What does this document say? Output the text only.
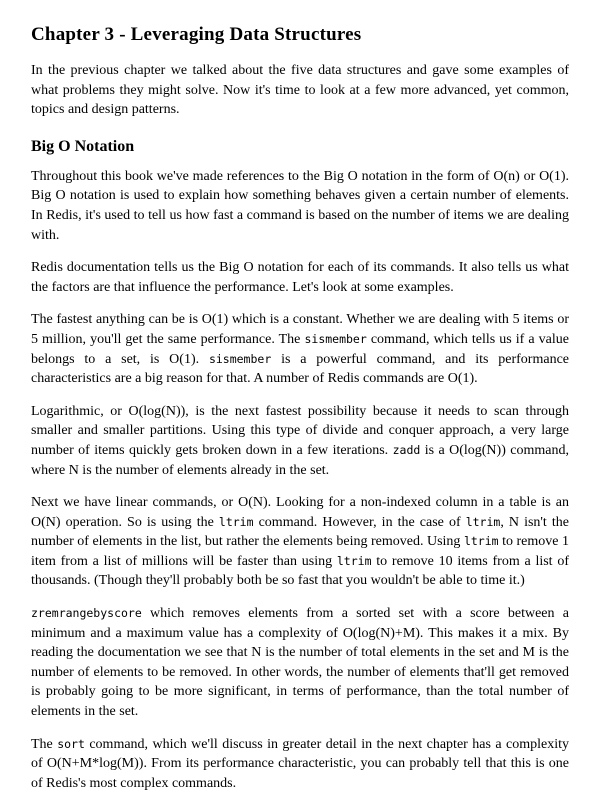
Chapter 3 - Leveraging Data Structures

In the previous chapter we talked about the five data structures and gave some examples of what problems they might solve. Now it's time to look at a few more advanced, yet common, topics and design patterns.

Big O Notation

Throughout this book we've made references to the Big O notation in the form of O(n) or O(1). Big O notation is used to explain how something behaves given a certain number of elements. In Redis, it's used to tell us how fast a command is based on the number of items we are dealing with.

Redis documentation tells us the Big O notation for each of its commands. It also tells us what the factors are that influence the performance. Let's look at some examples.

The fastest anything can be is O(1) which is a constant. Whether we are dealing with 5 items or 5 million, you'll get the same performance. The sismember command, which tells us if a value belongs to a set, is O(1). sismember is a powerful command, and its performance characteristics are a big reason for that. A number of Redis commands are O(1).

Logarithmic, or O(log(N)), is the next fastest possibility because it needs to scan through smaller and smaller partitions. Using this type of divide and conquer approach, a very large number of items quickly gets broken down in a few iterations. zadd is a O(log(N)) command, where N is the number of elements already in the set.

Next we have linear commands, or O(N). Looking for a non-indexed column in a table is an O(N) operation. So is using the ltrim command. However, in the case of ltrim, N isn't the number of elements in the list, but rather the elements being removed. Using ltrim to remove 1 item from a list of millions will be faster than using ltrim to remove 10 items from a list of thousands. (Though they'll probably both be so fast that you wouldn't be able to time it.)

zremrangebyscore which removes elements from a sorted set with a score between a minimum and a maximum value has a complexity of O(log(N)+M). This makes it a mix. By reading the documentation we see that N is the number of total elements in the set and M is the number of elements to be removed. In other words, the number of elements that'll get removed is probably going to be more significant, in terms of performance, than the total number of elements in the set.

The sort command, which we'll discuss in greater detail in the next chapter has a complexity of O(N+M*log(M)). From its performance characteristic, you can probably tell that this is one of Redis's most complex commands.
